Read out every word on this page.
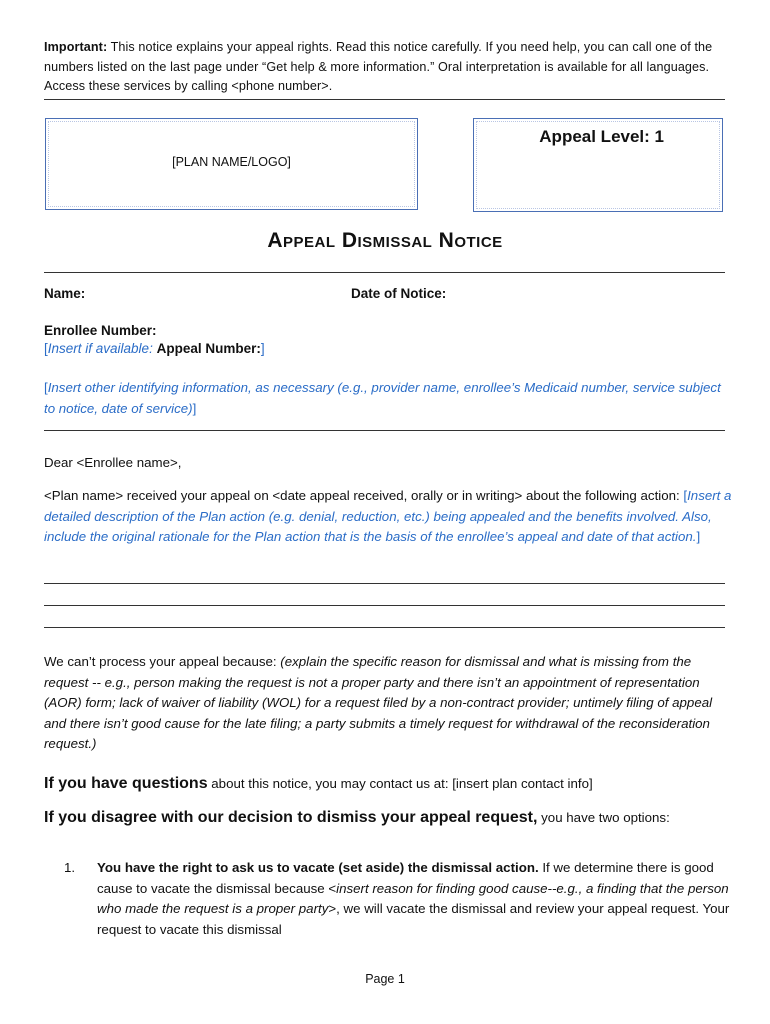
Important: This notice explains your appeal rights. Read this notice carefully. If you need help, you can call one of the numbers listed on the last page under “Get help & more information.” Oral interpretation is available for all languages. Access these services by calling <phone number>.
[PLAN NAME/LOGO]
Appeal Level: 1
Appeal Dismissal Notice
Name:	Date of Notice:
Enrollee Number:
[Insert if available: Appeal Number:]
[Insert other identifying information, as necessary (e.g., provider name, enrollee’s Medicaid number, service subject to notice, date of service)]
Dear <Enrollee name>,
<Plan name> received your appeal on <date appeal received, orally or in writing> about the following action: [Insert a detailed description of the Plan action (e.g. denial, reduction, etc.) being appealed and the benefits involved. Also, include the original rationale for the Plan action that is the basis of the enrollee’s appeal and date of that action.]
We can’t process your appeal because: (explain the specific reason for dismissal and what is missing from the request -- e.g., person making the request is not a proper party and there isn’t an appointment of representation (AOR) form; lack of waiver of liability (WOL) for a request filed by a non-contract provider; untimely filing of appeal and there isn’t good cause for the late filing; a party submits a timely request for withdrawal of the reconsideration request.)
If you have questions about this notice, you may contact us at: [insert plan contact info]
If you disagree with our decision to dismiss your appeal request, you have two options:
1. You have the right to ask us to vacate (set aside) the dismissal action. If we determine there is good cause to vacate the dismissal because <insert reason for finding good cause--e.g., a finding that the person who made the request is a proper party>, we will vacate the dismissal and review your appeal request. Your request to vacate this dismissal
Page 1
